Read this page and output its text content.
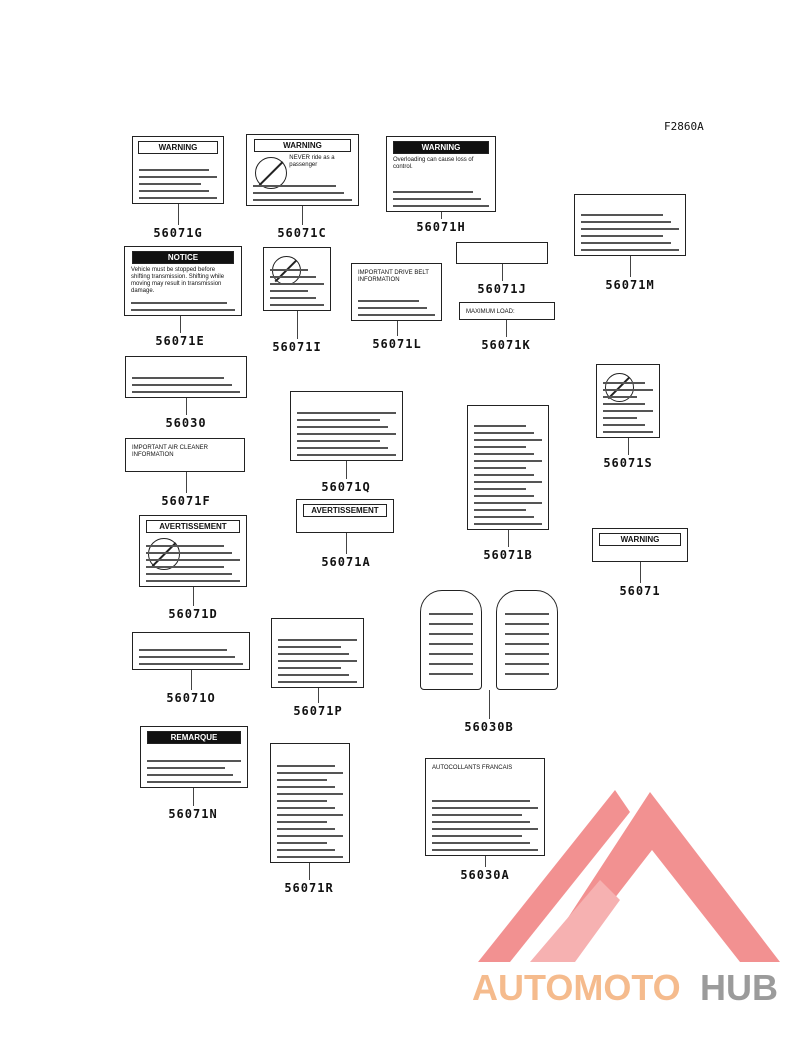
F2860A
WARNING
56071G
WARNING
NEVER ride as a passenger
56071C
WARNING
Overloading can cause loss of control.
56071H
56071M
NOTICE
Vehicle must be stopped before shifting transmission. Shifting while moving may result in transmission damage.
56071E	56071I
IMPORTANT DRIVE BELT INFORMATION
56071L
56071J
MAXIMUM LOAD:
56071K
56030
IMPORTANT AIR CLEANER INFORMATION
56071F
56071Q
56071S
56071B
AVERTISSEMENT
56071A
AVERTISSEMENT
56071D
WARNING
56071
56071O
56071P
56030B
REMARQUE
56071N
56071R
AUTOCOLLANTS FRANCAIS
56030A
AUTOMOTO HUB
